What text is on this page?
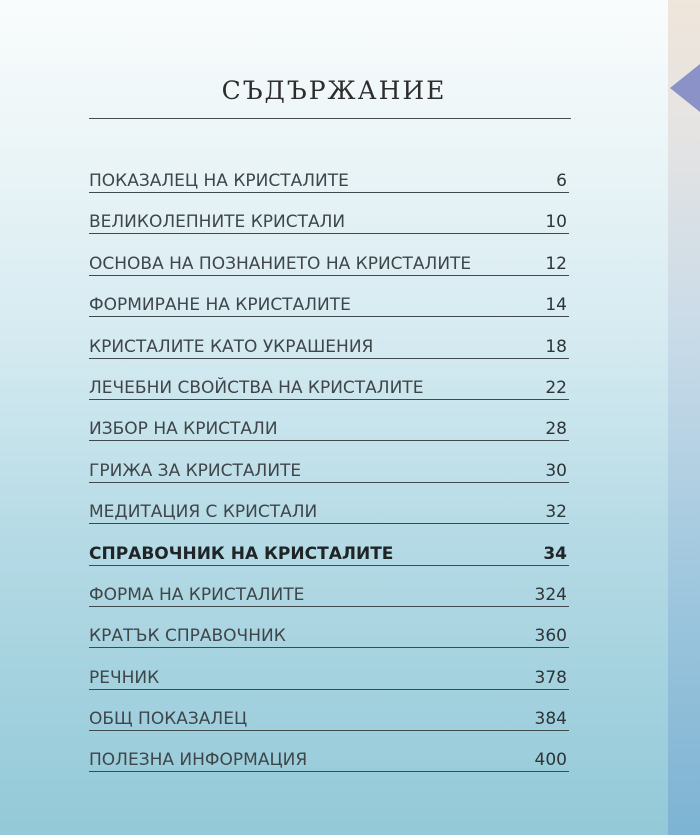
СЪДЪРЖАНИЕ
ПОКАЗАЛЕЦ НА КРИСТАЛИТЕ	6
ВЕЛИКОЛЕПНИТЕ КРИСТАЛИ	10
ОСНОВА НА ПОЗНАНИЕТО НА КРИСТАЛИТЕ	12
ФОРМИРАНЕ НА КРИСТАЛИТЕ	14
КРИСТАЛИТЕ КАТО УКРАШЕНИЯ	18
ЛЕЧЕБНИ СВОЙСТВА НА КРИСТАЛИТЕ	22
ИЗБОР НА КРИСТАЛИ	28
ГРИЖА ЗА КРИСТАЛИТЕ	30
МЕДИТАЦИЯ С КРИСТАЛИ	32
СПРАВОЧНИК НА КРИСТАЛИТЕ	34
ФОРМА НА КРИСТАЛИТЕ	324
КРАТЪК СПРАВОЧНИК	360
РЕЧНИК	378
ОБЩ ПОКАЗАЛЕЦ	384
ПОЛЕЗНА ИНФОРМАЦИЯ	400
